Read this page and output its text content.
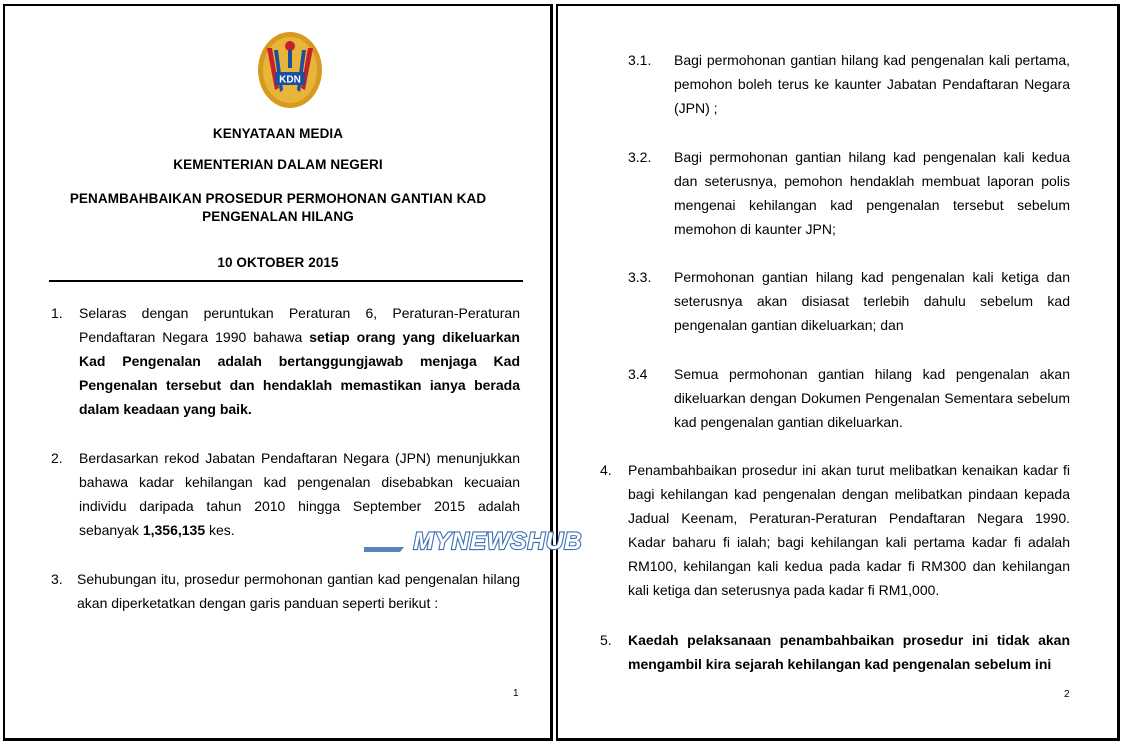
KDN
KENYATAAN MEDIA
KEMENTERIAN DALAM NEGERI
PENAMBAHBAIKAN PROSEDUR PERMOHONAN GANTIAN KAD
PENGENALAN HILANG
10 OKTOBER 2015
1. Selaras dengan peruntukan Peraturan 6, Peraturan-Peraturan Pendaftaran Negara 1990 bahawa setiap orang yang dikeluarkan Kad Pengenalan adalah bertanggungjawab menjaga Kad Pengenalan tersebut dan hendaklah memastikan ianya berada dalam keadaan yang baik.
2. Berdasarkan rekod Jabatan Pendaftaran Negara (JPN) menunjukkan bahawa kadar kehilangan kad pengenalan disebabkan kecuaian individu daripada tahun 2010 hingga September 2015 adalah sebanyak 1,356,135 kes.
3. Sehubungan itu, prosedur permohonan gantian kad pengenalan hilang akan diperketatkan dengan garis panduan seperti berikut :
1
3.1. Bagi permohonan gantian hilang kad pengenalan kali pertama, pemohon boleh terus ke kaunter Jabatan Pendaftaran Negara (JPN) ;
3.2. Bagi permohonan gantian hilang kad pengenalan kali kedua dan seterusnya, pemohon hendaklah membuat laporan polis mengenai kehilangan kad pengenalan tersebut sebelum memohon di kaunter JPN;
3.3. Permohonan gantian hilang kad pengenalan kali ketiga dan seterusnya akan disiasat terlebih dahulu sebelum kad pengenalan gantian dikeluarkan; dan
3.4 Semua permohonan gantian hilang kad pengenalan akan dikeluarkan dengan Dokumen Pengenalan Sementara sebelum kad pengenalan gantian dikeluarkan.
4. Penambahbaikan prosedur ini akan turut melibatkan kenaikan kadar fi bagi kehilangan kad pengenalan dengan melibatkan pindaan kepada Jadual Keenam, Peraturan-Peraturan Pendaftaran Negara 1990. Kadar baharu fi ialah; bagi kehilangan kali pertama kadar fi adalah RM100, kehilangan kali kedua pada kadar fi RM300 dan kehilangan kali ketiga dan seterusnya pada kadar fi RM1,000.
5. Kaedah pelaksanaan penambahbaikan prosedur ini tidak akan mengambil kira sejarah kehilangan kad pengenalan sebelum ini
2
MYNEWSHUB
